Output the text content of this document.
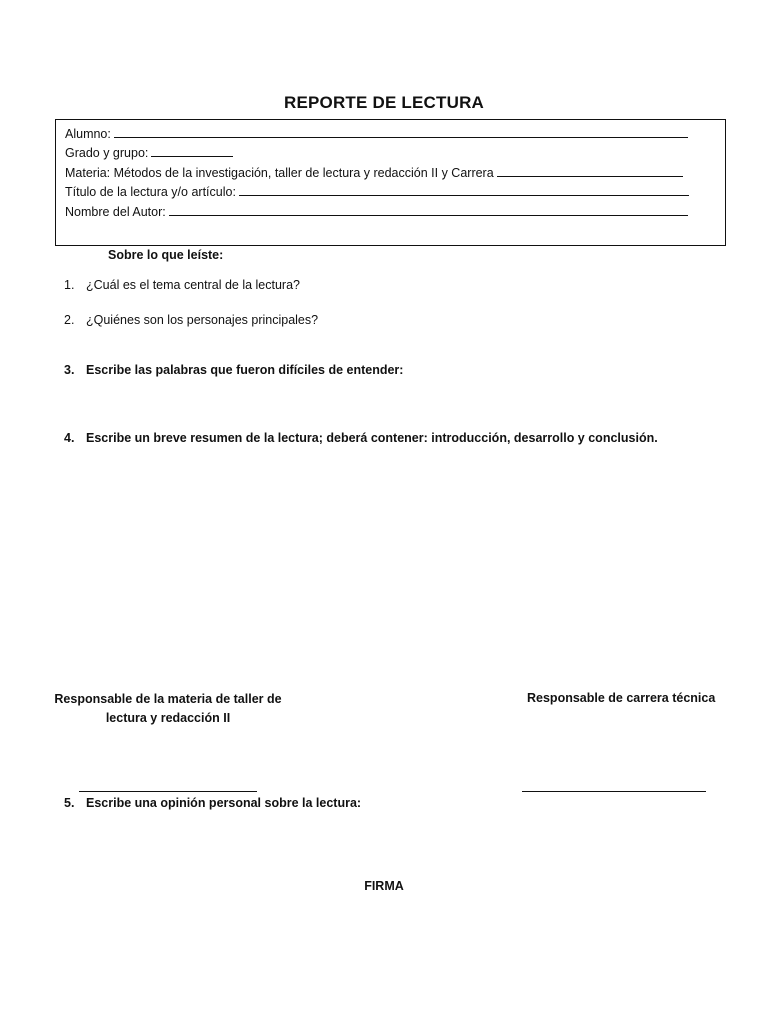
REPORTE DE LECTURA
Alumno:
Grado y grupo:
Materia: Métodos de la investigación, taller de lectura y redacción II y Carrera
Título de la lectura y/o artículo:
Nombre del Autor:
Sobre lo que leíste:
1. ¿Cuál es el tema central de la lectura?
2. ¿Quiénes son los personajes principales?
3. Escribe las palabras que fueron difíciles de entender:
4. Escribe un breve resumen de la lectura; deberá contener: introducción, desarrollo y conclusión.
Responsable de la materia de taller de
lectura y redacción II
Responsable de carrera técnica
5. Escribe una opinión personal sobre la lectura:
FIRMA
